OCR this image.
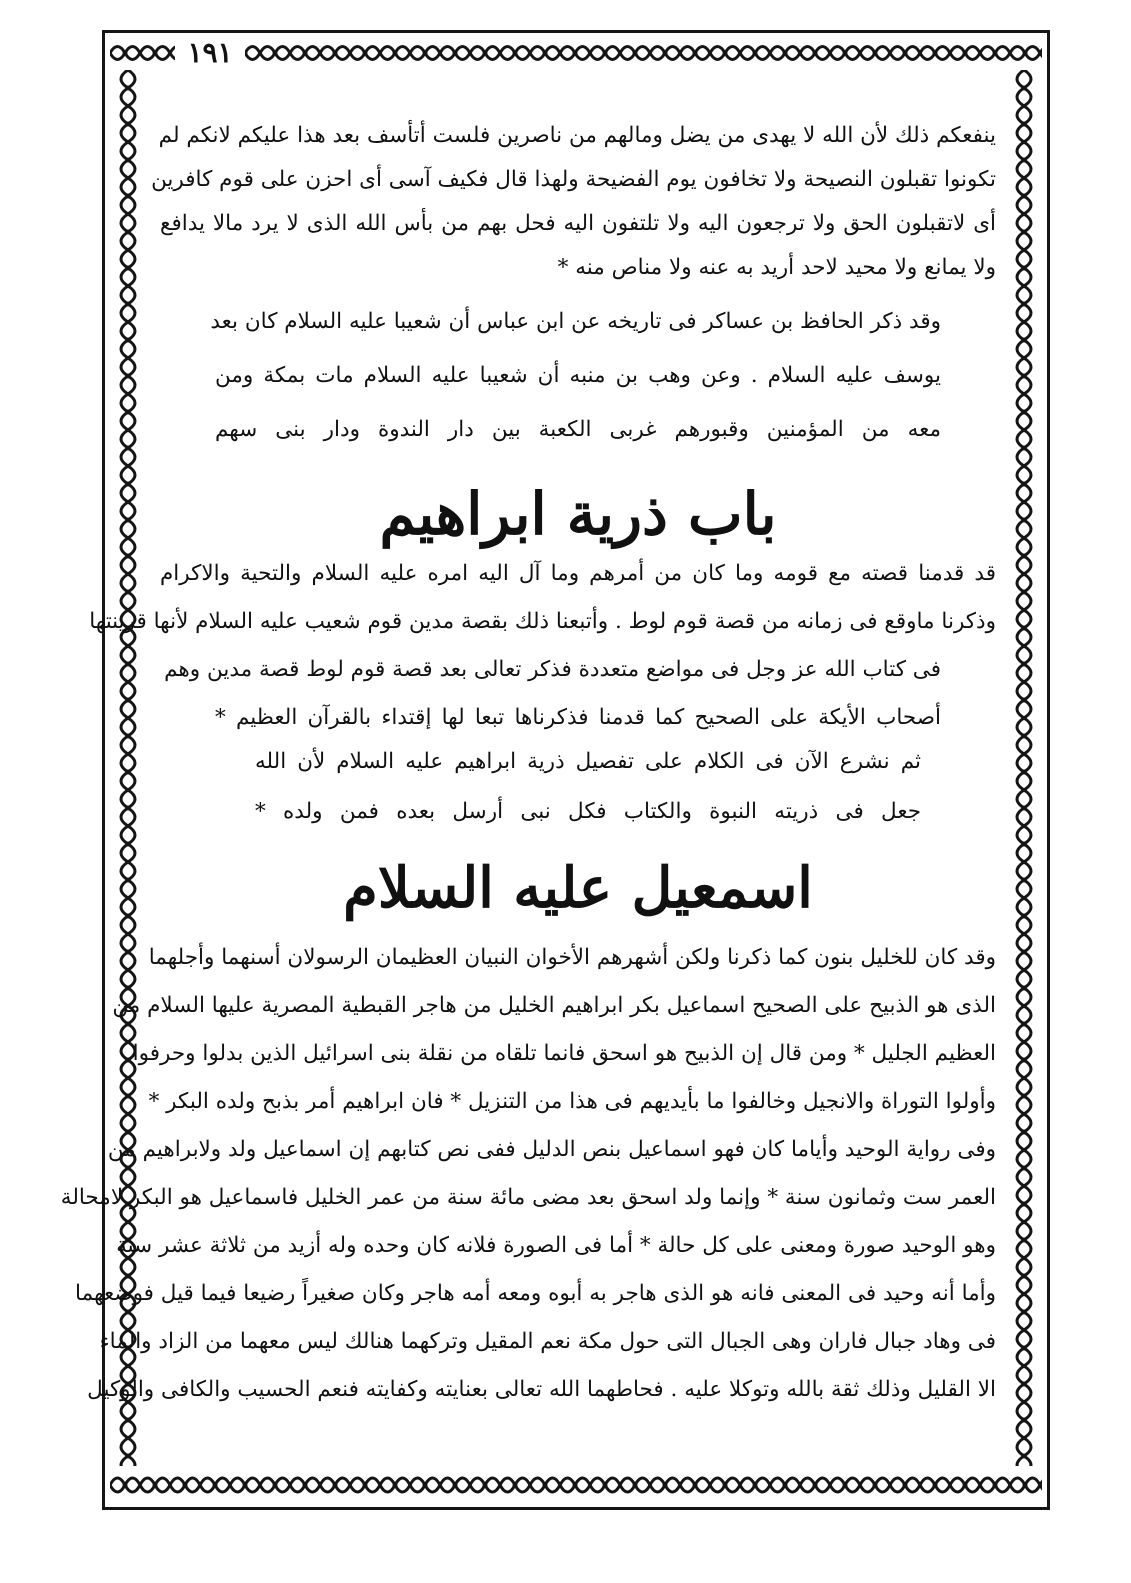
١٩١
ينفعكم ذلك لأن الله لا يهدى من يضل ومالهم من ناصرين فلست أتأسف بعد هذا عليكم لانكم لم
تكونوا تقبلون النصيحة ولا تخافون يوم الفضيحة ولهذا قال فكيف آسى أى احزن على قوم كافرين
أى لاتقبلون الحق ولا ترجعون اليه ولا تلتفون اليه فحل بهم من بأس الله الذى لا يرد مالا يدافع
ولا يمانع ولا محيد لاحد أريد به عنه ولا مناص منه *
وقد ذكر الحافظ بن عساكر فى تاريخه عن ابن عباس أن شعيبا عليه السلام كان بعد
يوسف عليه السلام . وعن وهب بن منبه أن شعيبا عليه السلام مات بمكة ومن
معه من المؤمنين وقبورهم غربى الكعبة بين دار الندوة ودار بنى سهم
باب ذرية ابراهيم
قد قدمنا قصته مع قومه وما كان من أمرهم وما آل اليه امره عليه السلام والتحية والاكرام
وذكرنا ماوقع فى زمانه من قصة قوم لوط . وأتبعنا ذلك بقصة مدين قوم شعيب عليه السلام لأنها قرينتها
فى كتاب الله عز وجل فى مواضع متعددة فذكر تعالى بعد قصة قوم لوط قصة مدين وهم
أصحاب الأيكة على الصحيح كما قدمنا فذكرناها تبعا لها إقتداء بالقرآن العظيم *
ثم نشرع الآن فى الكلام على تفصيل ذرية ابراهيم عليه السلام لأن الله
جعل فى ذريته النبوة والكتاب فكل نبى أرسل بعده فمن ولده *
اسمعيل عليه السلام
وقد كان للخليل بنون كما ذكرنا ولكن أشهرهم الأخوان النبيان العظيمان الرسولان أسنهما وأجلهما
الذى هو الذبيح على الصحيح اسماعيل بكر ابراهيم الخليل من هاجر القبطية المصرية عليها السلام من
العظيم الجليل * ومن قال إن الذبيح هو اسحق فانما تلقاه من نقلة بنى اسرائيل الذين بدلوا وحرفوا
وأولوا التوراة والانجيل وخالفوا ما بأيديهم فى هذا من التنزيل * فان ابراهيم أمر بذبح ولده البكر *
وفى رواية الوحيد وأياما كان فهو اسماعيل بنص الدليل ففى نص كتابهم إن اسماعيل ولد ولابراهيم من
العمر ست وثمانون سنة * وإنما ولد اسحق بعد مضى مائة سنة من عمر الخليل فاسماعيل هو البكر لامحالة
وهو الوحيد صورة ومعنى على كل حالة * أما فى الصورة فلانه كان وحده وله أزيد من ثلاثة عشر سنة
وأما أنه وحيد فى المعنى فانه هو الذى هاجر به أبوه ومعه أمه هاجر وكان صغيراً رضيعا فيما قيل فوضعهما
فى وهاد جبال فاران وهى الجبال التى حول مكة نعم المقيل وتركهما هنالك ليس معهما من الزاد والماء
الا القليل وذلك ثقة بالله وتوكلا عليه . فحاطهما الله تعالى بعنايته وكفايته فنعم الحسيب والكافى والوكيل
